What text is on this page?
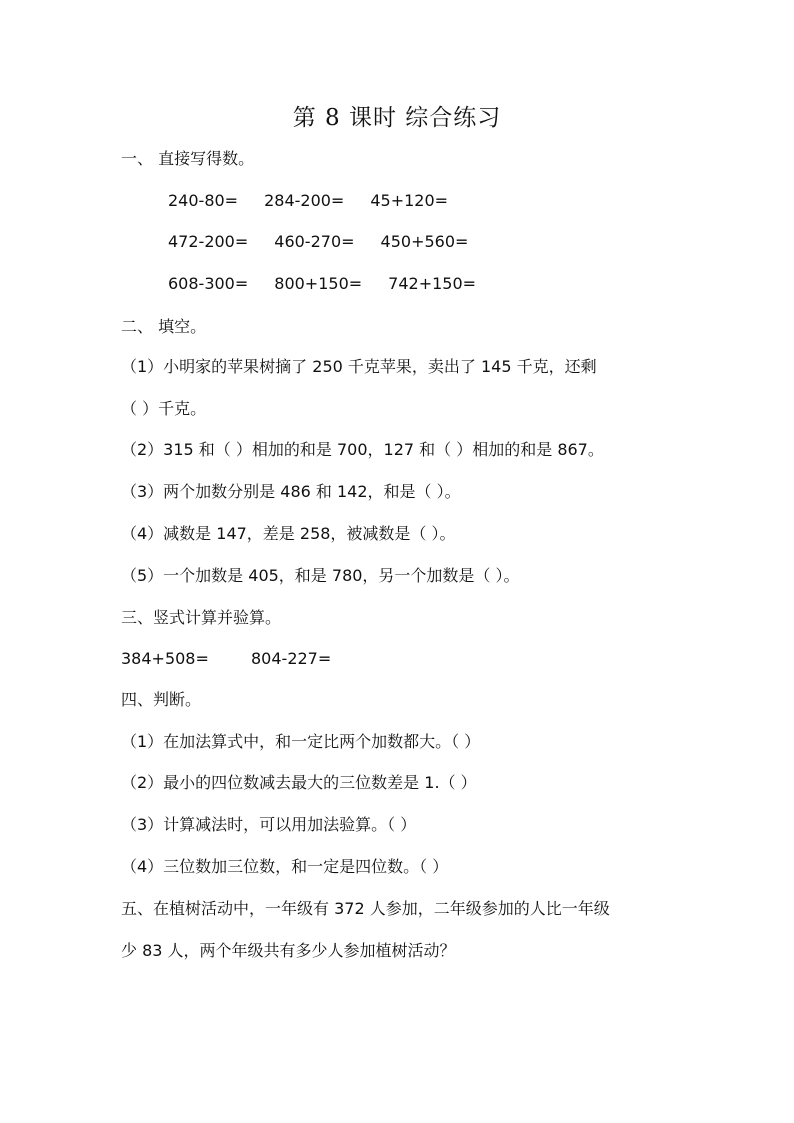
第 8 课时 综合练习
一、 直接写得数。
240-80= 284-200= 45+120=
472-200= 460-270= 450+560=
608-300= 800+150= 742+150=
二、 填空。
（1）小明家的苹果树摘了 250 千克苹果，卖出了 145 千克，还剩
（ ）千克。
（2）315 和（ ）相加的和是 700，127 和（ ）相加的和是 867。
（3）两个加数分别是 486 和 142，和是（ ）。
（4）减数是 147，差是 258，被减数是（ ）。
（5）一个加数是 405，和是 780，另一个加数是（ ）。
三、竖式计算并验算。
384+508=	804-227=
四、判断。
（1）在加法算式中，和一定比两个加数都大。（ ）
（2）最小的四位数减去最大的三位数差是 1.（ ）
（3）计算减法时，可以用加法验算。（ ）
（4）三位数加三位数，和一定是四位数。（ ）
五、在植树活动中，一年级有 372 人参加，二年级参加的人比一年级
少 83 人，两个年级共有多少人参加植树活动？
